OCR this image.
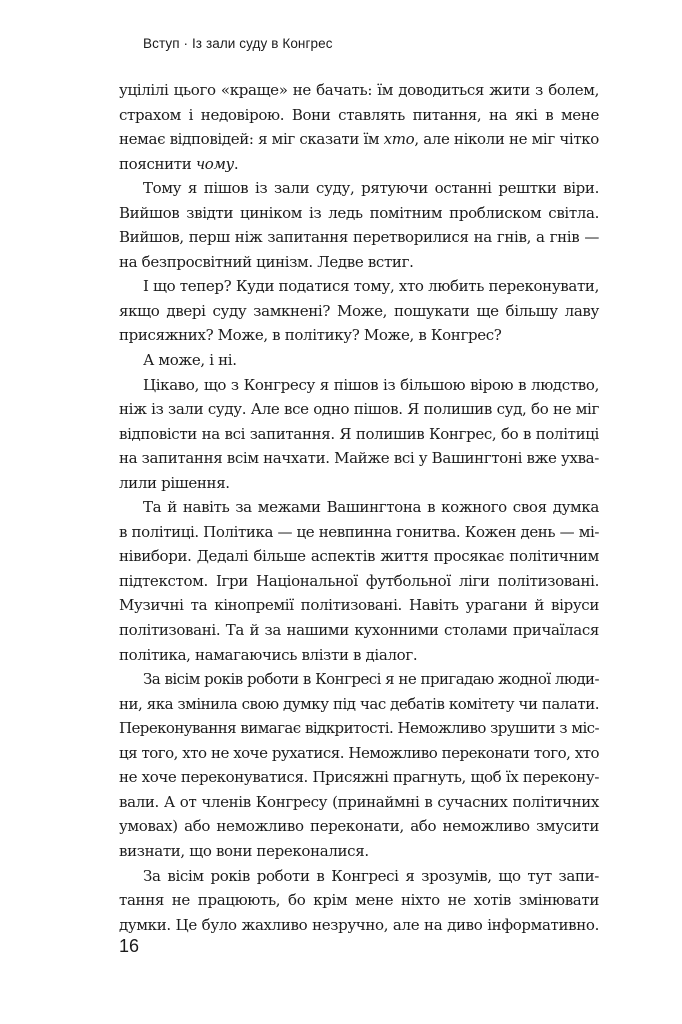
Вступ · Із зали суду в Конгрес
уцілілі цього «краще» не бачать: їм доводиться жити з болем,
страхом і недовірою. Вони ставлять питання, на які в мене
немає відповідей: я міг сказати їм хто, але ніколи не міг чітко
пояснити чому.
Тому я пішов із зали суду, рятуючи останні рештки віри.
Вийшов звідти циніком із ледь помітним проблиском світла.
Вийшов, перш ніж запитання перетворилися на гнів, а гнів —
на безпросвітний цинізм. Ледве встиг.
І що тепер? Куди податися тому, хто любить переконувати,
якщо двері суду замкнені? Може, пошукати ще більшу лаву
присяжних? Може, в політику? Може, в Конгрес?
А може, і ні.
Цікаво, що з Конгресу я пішов із більшою вірою в людство,
ніж із зали суду. Але все одно пішов. Я полишив суд, бо не міг
відповісти на всі запитання. Я полишив Конгрес, бо в політиці
на запитання всім начхати. Майже всі у Вашингтоні вже ухва-
лили рішення.
Та й навіть за межами Вашингтона в кожного своя думка
в політиці. Політика — це невпинна гонитва. Кожен день — мі-
нівибори. Дедалі більше аспектів життя просякає політичним
підтекстом. Ігри Національної футбольної ліги політизовані.
Музичні та кінопремії політизовані. Навіть урагани й віруси
політизовані. Та й за нашими кухонними столами причаїлася
політика, намагаючись влізти в діалог.
За вісім років роботи в Конгресі я не пригадаю жодної люди-
ни, яка змінила свою думку під час дебатів комітету чи палати.
Переконування вимагає відкритості. Неможливо зрушити з міс-
ця того, хто не хоче рухатися. Неможливо переконати того, хто
не хоче переконуватися. Присяжні прагнуть, щоб їх перекону-
вали. А от членів Конгресу (принаймні в сучасних політичних
умовах) або неможливо переконати, або неможливо змусити
визнати, що вони переконалися.
За вісім років роботи в Конгресі я зрозумів, що тут запи-
тання не працюють, бо крім мене ніхто не хотів змінювати
думки. Це було жахливо незручно, але на диво інформативно.
16
